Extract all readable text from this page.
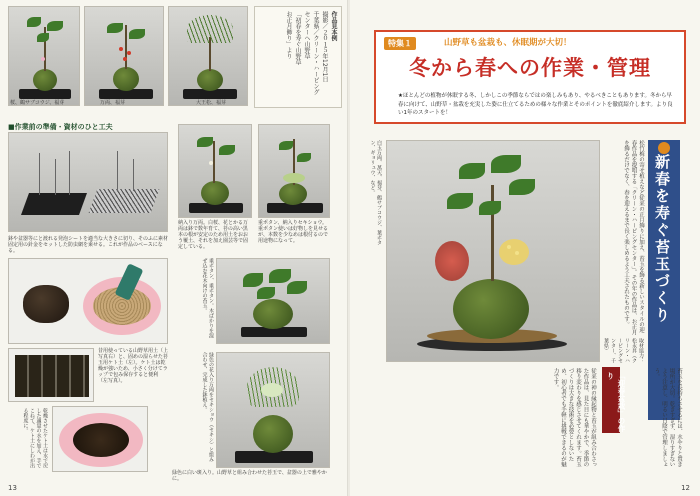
桜、鶴サブコウジ、福芽	万両、福芽	大王松、福芽
作品見本例
撮影／２０１５年12月1日
千葉県／クリーン・ハーピング
センターへ山野草
「初春を寿ぐ山野草
お正月飾り」より
■作業前の準備・資材のひと工夫
鉢や盆器等にと渡れる発泡シートを適当な大きさに切り、そのふに素材固定用の針金をセットした防虫網を乗せる。これが作品のベースになる。
昔用使っている山野草用土（上写真右）と、固めの湿らせた苔玉用ケト土（左）。ケト土は乾燥が強いため、小さく分けてラップで包み保存すると便利（左写真）。
乾燥させたケト土は水で戻した適量の水を加え、手でこねて、ケト土にしわが出る程度に。
納入り万両。白桜、花とかる万両は鉢で数年育て、苔の高い黒本の根が安定のため用土をおおう覆土、それを加え園芸等で固定している。
重ポタン、納入りセキショウ。重ボタン使いは好物しを見せるが、本数を少なめは根付るので用途物になって。
重ポタン、重ポタン。木ばかりを混ぜ込む花木向けの苔玉。
緑色の花入り万両をセキショウ（セキシ）と組み合わせ、完成した鉢植え。
緑色に白い斑入り。山野草と組み合わせた苔玉で、盆器の上で雅やかに。
13	12
特集１	山野草も盆栽も、休眠期が大切！
冬から春への作業・管理
★ほとんどの植物が休眠する冬、しかしこの季節ならではの楽しみもあり、やるべきこともあります。冬から早春に向けて、山野草・盆栽を充実した姿に仕立てるための様々な作業とそのポイントを徹底紹介します。より良い1年のスタートを！
白玉万両、萬天、福芽、鶴サブコウジ、葉ボタン、ギョリュウ、など。	新春を寿ぐ苔玉づくり
松竹梅の寄せ植えなど従来の正月飾りに加え、苔玉を飾る新しいスタイルの迎春作品を提唱する「クリーン・ハーピングセンター」。その年の作品は、お正月を飾るだけでなく、春を迎えるまで長く楽しめるよう工夫されたものです。
取材協力：松永昇（クリーン・ハーピングセンター、千葉県）
従来の神の縁起物と苔玉が組み合わさった作品は、見た目にも華やかで、季節の移り変わりを感じさせてくれます。苔玉づくりは大きな技術を必要としないため、初心者でも手軽に挑戦できるのが魅力です。	苔玉を長持ちさせるには、水やりと置き場所が大切。乾きすぎず、湿りすぎないよう注意し、明るい日陰で管理しましょう。
「迎春盆栽」の作り
